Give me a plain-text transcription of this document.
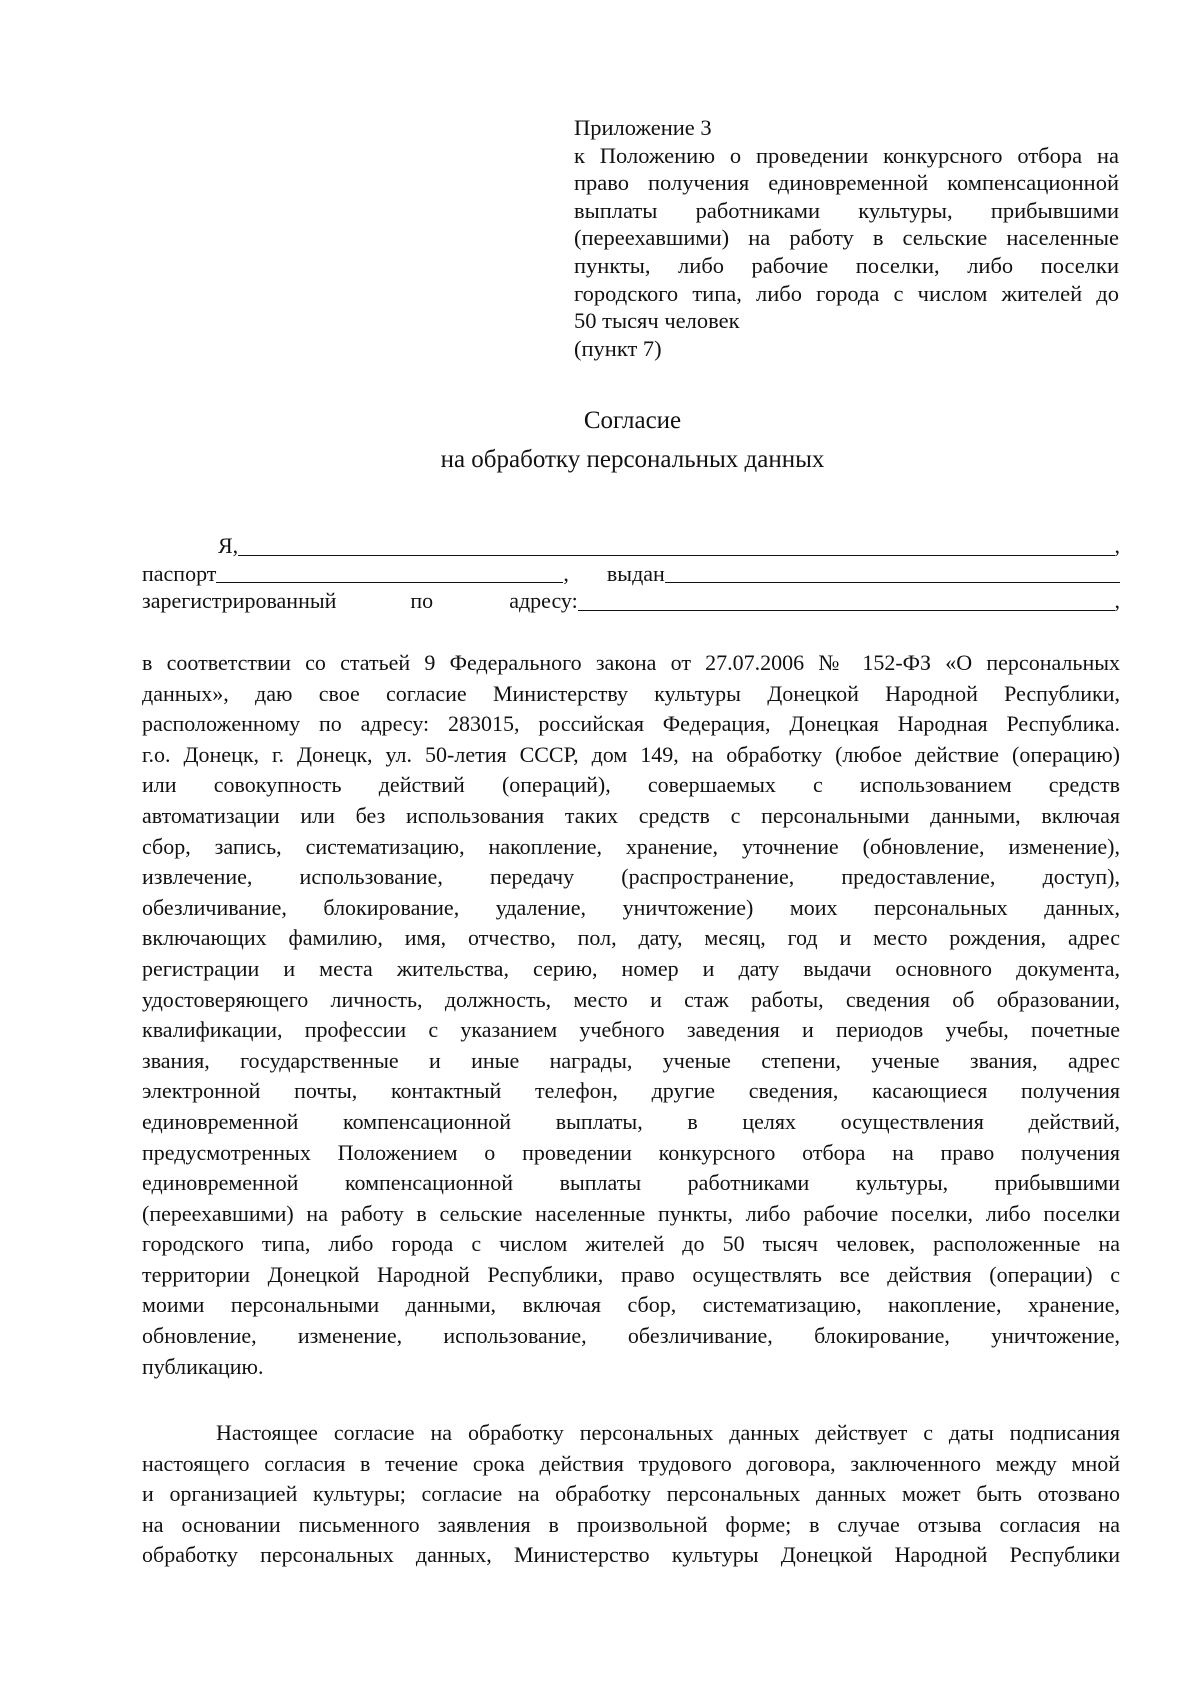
Приложение 3
к Положению о проведении конкурсного отбора на
право получения единовременной компенсационной
выплаты работниками культуры, прибывшими
(переехавшими) на работу в сельские населенные
пункты, либо рабочие поселки, либо поселки
городского типа, либо города с числом жителей до
50 тысяч человек
(пункт 7)
Согласие
на обработку персональных данных
Я,	,
паспорт	, выдан
зарегистрированный	по	адресу:	,
в соответствии со статьей 9 Федерального закона от 27.07.2006 № 152-ФЗ «О персональных
данных», даю свое согласие Министерству культуры Донецкой Народной Республики,
расположенному по адресу: 283015, российская Федерация, Донецкая Народная Республика.
г.о. Донецк, г. Донецк, ул. 50-летия СССР, дом 149, на обработку (любое действие (операцию)
или совокупность действий (операций), совершаемых с использованием средств
автоматизации или без использования таких средств с персональными данными, включая
сбор, запись, систематизацию, накопление, хранение, уточнение (обновление, изменение),
извлечение, использование, передачу (распространение, предоставление, доступ),
обезличивание, блокирование, удаление, уничтожение) моих персональных данных,
включающих фамилию, имя, отчество, пол, дату, месяц, год и место рождения, адрес
регистрации и места жительства, серию, номер и дату выдачи основного документа,
удостоверяющего личность, должность, место и стаж работы, сведения об образовании,
квалификации, профессии с указанием учебного заведения и периодов учебы, почетные
звания, государственные и иные награды, ученые степени, ученые звания, адрес
электронной почты, контактный телефон, другие сведения, касающиеся получения
единовременной компенсационной выплаты, в целях осуществления действий,
предусмотренных Положением о проведении конкурсного отбора на право получения
единовременной компенсационной выплаты работниками культуры, прибывшими
(переехавшими) на работу в сельские населенные пункты, либо рабочие поселки, либо поселки
городского типа, либо города с числом жителей до 50 тысяч человек, расположенные на
территории Донецкой Народной Республики, право осуществлять все действия (операции) с
моими персональными данными, включая сбор, систематизацию, накопление, хранение,
обновление, изменение, использование, обезличивание, блокирование, уничтожение,
публикацию.
Настоящее согласие на обработку персональных данных действует с даты подписания
настоящего согласия в течение срока действия трудового договора, заключенного между мной
и организацией культуры; согласие на обработку персональных данных может быть отозвано
на основании письменного заявления в произвольной форме; в случае отзыва согласия на
обработку персональных данных, Министерство культуры Донецкой Народной Республики
